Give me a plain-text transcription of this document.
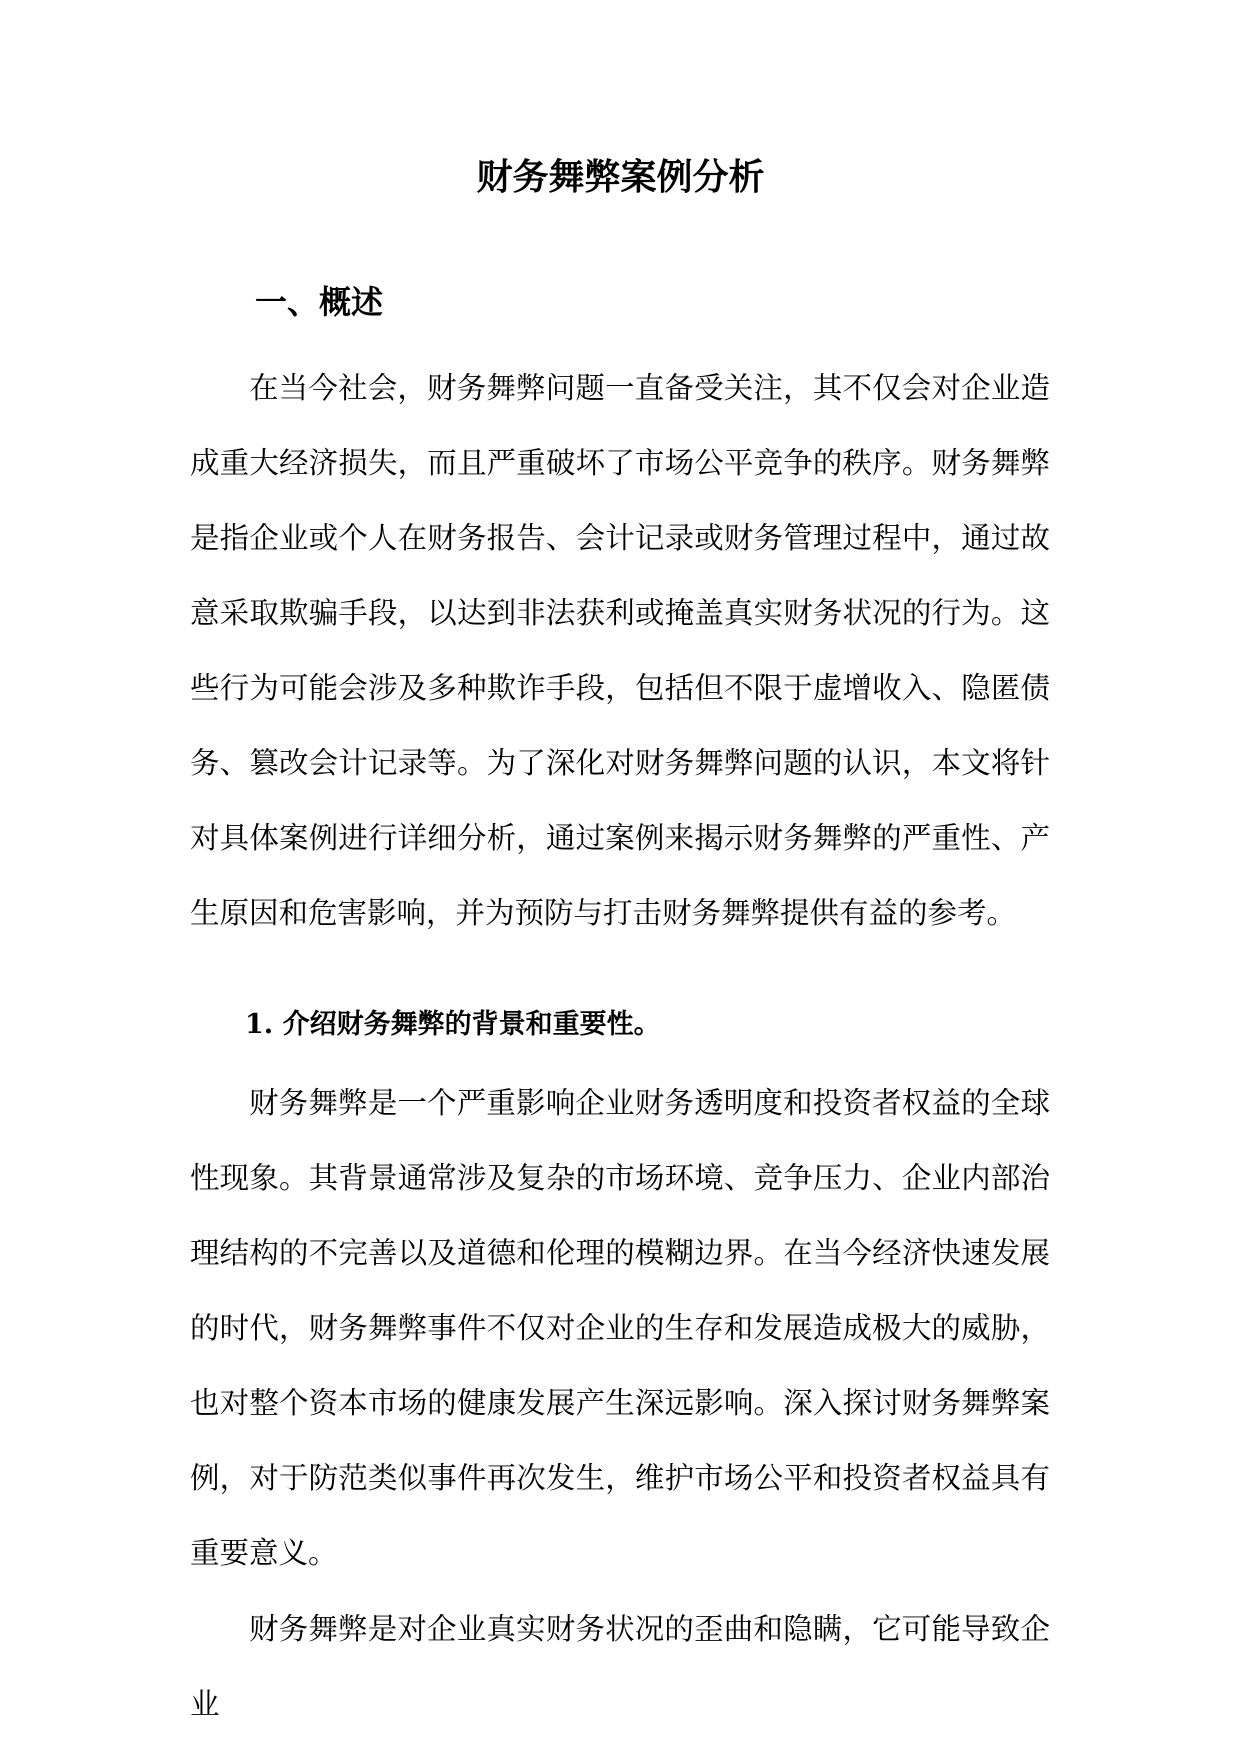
财务舞弊案例分析
一、概述

在当今社会，财务舞弊问题一直备受关注，其不仅会对企业造成重大经济损失，而且严重破坏了市场公平竞争的秩序。财务舞弊是指企业或个人在财务报告、会计记录或财务管理过程中，通过故意采取欺骗手段，以达到非法获利或掩盖真实财务状况的行为。这些行为可能会涉及多种欺诈手段，包括但不限于虚增收入、隐匿债务、篡改会计记录等。为了深化对财务舞弊问题的认识，本文将针对具体案例进行详细分析，通过案例来揭示财务舞弊的严重性、产生原因和危害影响，并为预防与打击财务舞弊提供有益的参考。

1. 介绍财务舞弊的背景和重要性。

财务舞弊是一个严重影响企业财务透明度和投资者权益的全球性现象。其背景通常涉及复杂的市场环境、竞争压力、企业内部治理结构的不完善以及道德和伦理的模糊边界。在当今经济快速发展的时代，财务舞弊事件不仅对企业的生存和发展造成极大的威胁，也对整个资本市场的健康发展产生深远影响。深入探讨财务舞弊案例，对于防范类似事件再次发生，维护市场公平和投资者权益具有重要意义。

财务舞弊是对企业真实财务状况的歪曲和隐瞒，它可能导致企业
